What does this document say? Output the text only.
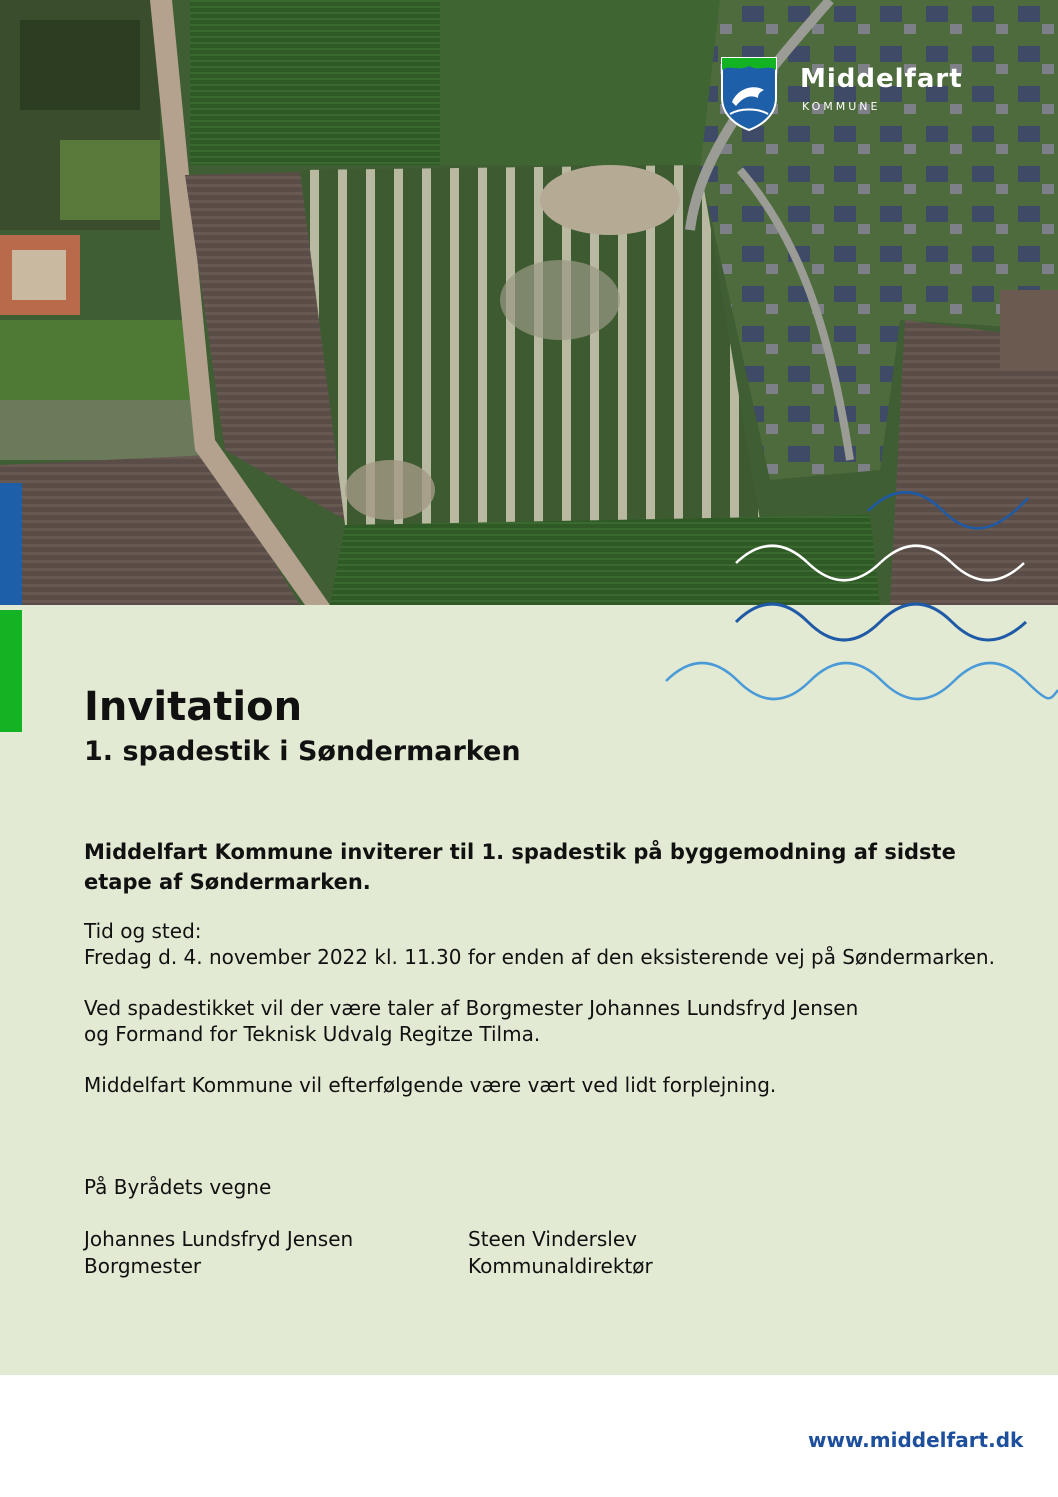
Middelfart
KOMMUNE
Invitation
1. spadestik i Søndermarken

Middelfart Kommune inviterer til 1. spadestik på byggemodning af sidste
etape af Søndermarken.

Tid og sted:
Fredag d. 4. november 2022 kl. 11.30 for enden af den eksisterende vej på Søndermarken.

Ved spadestikket vil der være taler af Borgmester Johannes Lundsfryd Jensen
og Formand for Teknisk Udvalg Regitze Tilma.

Middelfart Kommune vil efterfølgende være vært ved lidt forplejning.

På Byrådets vegne
Johannes Lundsfryd Jensen
Borgmester
Steen Vinderslev
Kommunaldirektør
www.middelfart.dk
